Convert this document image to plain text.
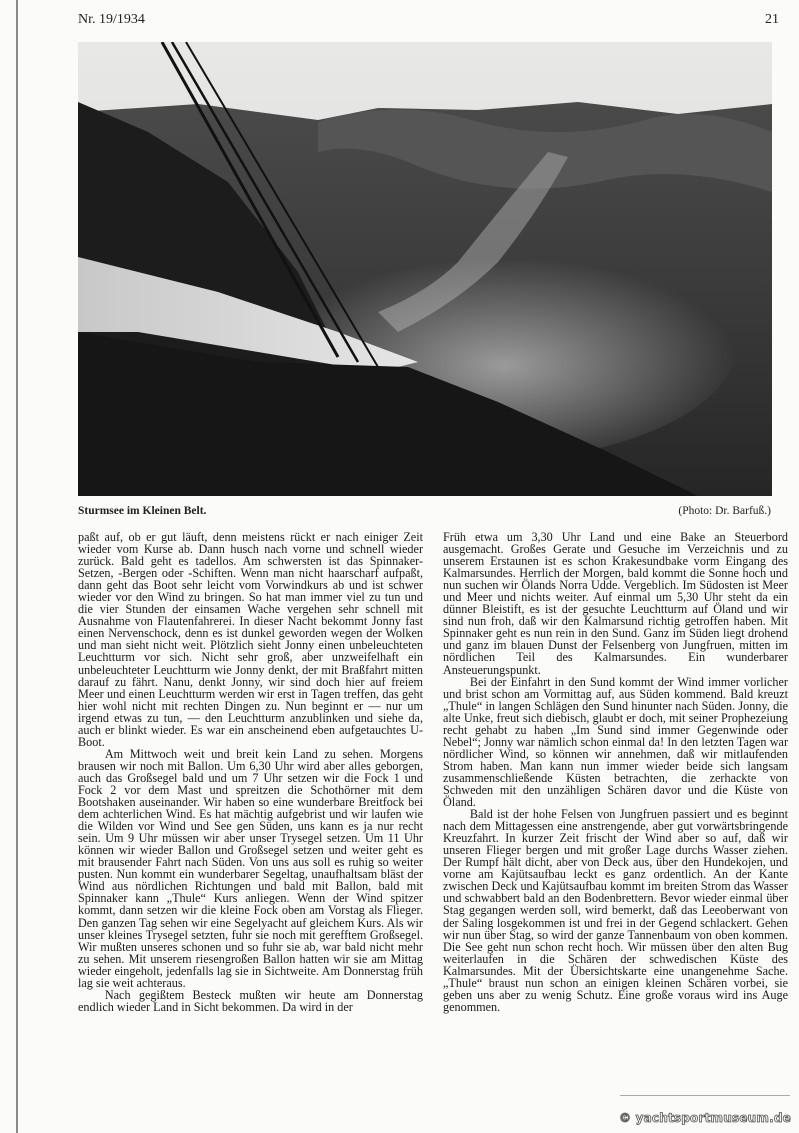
Nr. 19/1934	21
Sturmsee im Kleinen Belt.	(Photo: Dr. Barfuß.)

paßt auf, ob er gut läuft, denn meistens rückt er nach einiger Zeit wieder vom Kurse ab. Dann husch nach vorne und schnell wieder zurück. Bald geht es tadellos. Am schwersten ist das Spinnaker-Setzen, -Bergen oder -Schiften. Wenn man nicht haarscharf aufpaßt, dann geht das Boot sehr leicht vom Vorwindkurs ab und ist schwer wieder vor den Wind zu bringen. So hat man immer viel zu tun und die vier Stunden der einsamen Wache vergehen sehr schnell mit Ausnahme von Flautenfahrerei. In dieser Nacht bekommt Jonny fast einen Nervenschock, denn es ist dunkel geworden wegen der Wolken und man sieht nicht weit. Plötzlich sieht Jonny einen unbeleuchteten Leuchtturm vor sich. Nicht sehr groß, aber unzweifelhaft ein unbeleuchteter Leuchtturm wie Jonny denkt, der mit Braßfahrt mitten darauf zu fährt. Nanu, denkt Jonny, wir sind doch hier auf freiem Meer und einen Leuchtturm werden wir erst in Tagen treffen, das geht hier wohl nicht mit rechten Dingen zu. Nun beginnt er — nur um irgend etwas zu tun, — den Leuchtturm anzublinken und siehe da, auch er blinkt wieder. Es war ein anscheinend eben aufgetauchtes U-Boot.

Am Mittwoch weit und breit kein Land zu sehen. Morgens brausen wir noch mit Ballon. Um 6,30 Uhr wird aber alles geborgen, auch das Großsegel bald und um 7 Uhr setzen wir die Fock 1 und Fock 2 vor dem Mast und spreitzen die Schothörner mit dem Bootshaken auseinander. Wir haben so eine wunderbare Breitfock bei dem achterlichen Wind. Es hat mächtig aufgebrist und wir laufen wie die Wilden vor Wind und See gen Süden, uns kann es ja nur recht sein. Um 9 Uhr müssen wir aber unser Trysegel setzen. Um 11 Uhr können wir wieder Ballon und Großsegel setzen und weiter geht es mit brausender Fahrt nach Süden. Von uns aus soll es ruhig so weiter pusten. Nun kommt ein wunderbarer Segeltag, unaufhaltsam bläst der Wind aus nördlichen Richtungen und bald mit Ballon, bald mit Spinnaker kann „Thule“ Kurs anliegen. Wenn der Wind spitzer kommt, dann setzen wir die kleine Fock oben am Vorstag als Flieger. Den ganzen Tag sehen wir eine Segelyacht auf gleichem Kurs. Als wir unser kleines Trysegel setzten, fuhr sie noch mit gerefftem Großsegel. Wir mußten unseres schonen und so fuhr sie ab, war bald nicht mehr zu sehen. Mit unserem riesengroßen Ballon hatten wir sie am Mittag wieder eingeholt, jedenfalls lag sie in Sichtweite. Am Donnerstag früh lag sie weit achteraus.

Nach gegißtem Besteck mußten wir heute am Donnerstag endlich wieder Land in Sicht bekommen. Da wird in der

Früh etwa um 3,30 Uhr Land und eine Bake an Steuerbord ausgemacht. Großes Gerate und Gesuche im Verzeichnis und zu unserem Erstaunen ist es schon Krakesundbake vorm Eingang des Kalmarsundes. Herrlich der Morgen, bald kommt die Sonne hoch und nun suchen wir Ölands Norra Udde. Vergeblich. Im Südosten ist Meer und Meer und nichts weiter. Auf einmal um 5,30 Uhr steht da ein dünner Bleistift, es ist der gesuchte Leuchtturm auf Öland und wir sind nun froh, daß wir den Kalmarsund richtig getroffen haben. Mit Spinnaker geht es nun rein in den Sund. Ganz im Süden liegt drohend und ganz im blauen Dunst der Felsenberg von Jungfruen, mitten im nördlichen Teil des Kalmarsundes. Ein wunderbarer Ansteuerungspunkt.

Bei der Einfahrt in den Sund kommt der Wind immer vorlicher und brist schon am Vormittag auf, aus Süden kommend. Bald kreuzt „Thule“ in langen Schlägen den Sund hinunter nach Süden. Jonny, die alte Unke, freut sich diebisch, glaubt er doch, mit seiner Prophezeiung recht gehabt zu haben „Im Sund sind immer Gegenwinde oder Nebel“; Jonny war nämlich schon einmal da! In den letzten Tagen war nördlicher Wind, so können wir annehmen, daß wir mitlaufenden Strom haben. Man kann nun immer wieder beide sich langsam zusammenschließende Küsten betrachten, die zerhackte von Schweden mit den unzähligen Schären davor und die Küste von Öland.

Bald ist der hohe Felsen von Jungfruen passiert und es beginnt nach dem Mittagessen eine anstrengende, aber gut vorwärtsbringende Kreuzfahrt. In kurzer Zeit frischt der Wind aber so auf, daß wir unseren Flieger bergen und mit großer Lage durchs Wasser ziehen. Der Rumpf hält dicht, aber von Deck aus, über den Hundekojen, und vorne am Kajütsaufbau leckt es ganz ordentlich. An der Kante zwischen Deck und Kajütsaufbau kommt im breiten Strom das Wasser und schwabbert bald an den Bodenbrettern. Bevor wieder einmal über Stag gegangen werden soll, wird bemerkt, daß das Leeoberwant von der Saling losgekommen ist und frei in der Gegend schlackert. Gehen wir nun über Stag, so wird der ganze Tannenbaum von oben kommen. Die See geht nun schon recht hoch. Wir müssen über den alten Bug weiterlaufen in die Schären der schwedischen Küste des Kalmarsundes. Mit der Übersichtskarte eine unangenehme Sache. „Thule“ braust nun schon an einigen kleinen Schären vorbei, sie geben uns aber zu wenig Schutz. Eine große voraus wird ins Auge genommen.

© yachtsportmuseum.de
